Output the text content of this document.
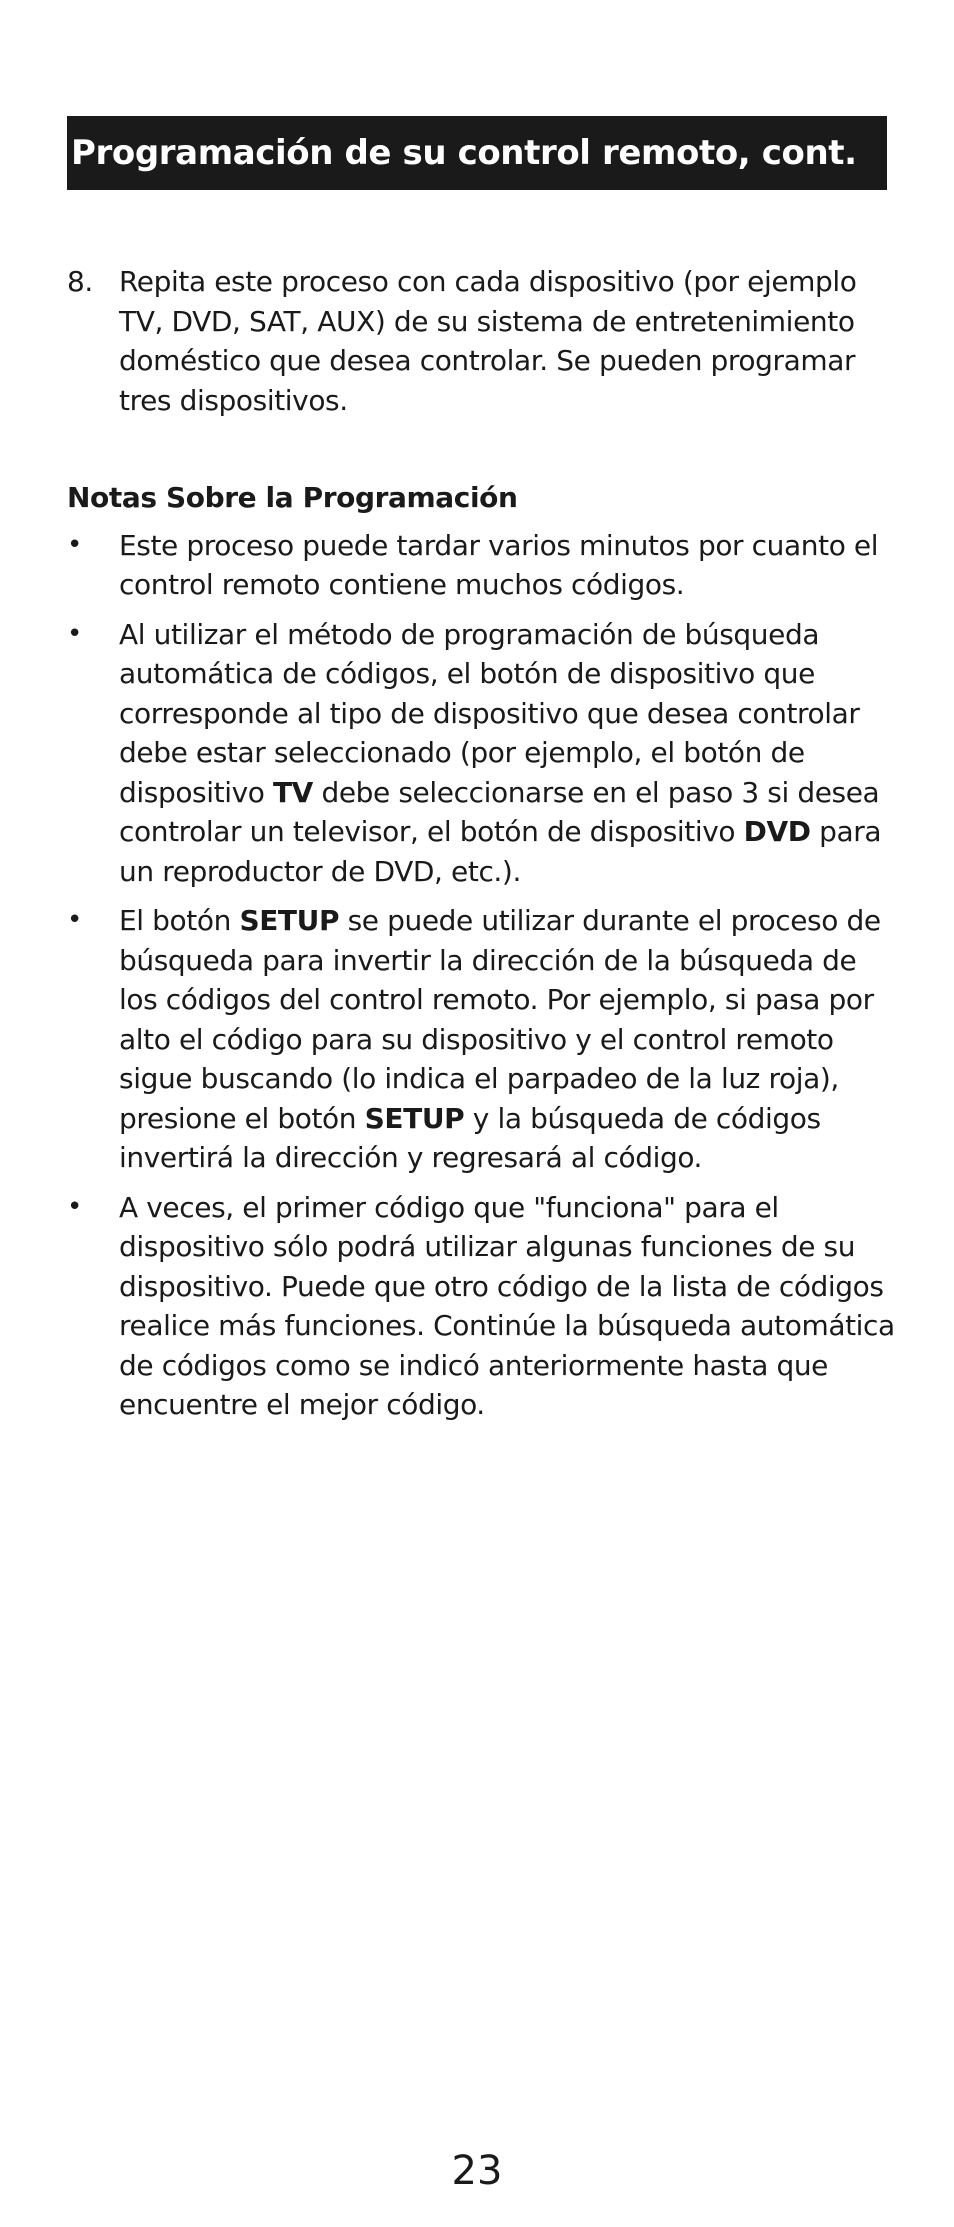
Programación de su control remoto, cont.
8. Repita este proceso con cada dispositivo (por ejemplo TV, DVD, SAT, AUX) de su sistema de entretenimiento doméstico que desea controlar. Se pueden programar tres dispositivos.

Notas Sobre la Programación

•	Este proceso puede tardar varios minutos por cuanto el control remoto contiene muchos códigos.
•	Al utilizar el método de programación de búsqueda automática de códigos, el botón de dispositivo que corresponde al tipo de dispositivo que desea controlar debe estar seleccionado (por ejemplo, el botón de dispositivo TV debe seleccionarse en el paso 3 si desea controlar un televisor, el botón de dispositivo DVD para un reproductor de DVD, etc.).
•	El botón SETUP se puede utilizar durante el proceso de búsqueda para invertir la dirección de la búsqueda de los códigos del control remoto. Por ejemplo, si pasa por alto el código para su dispositivo y el control remoto sigue buscando (lo indica el parpadeo de la luz roja), presione el botón SETUP y la búsqueda de códigos invertirá la dirección y regresará al código.
•	A veces, el primer código que "funciona" para el dispositivo sólo podrá utilizar algunas funciones de su dispositivo. Puede que otro código de la lista de códigos realice más funciones. Continúe la búsqueda automática de códigos como se indicó anteriormente hasta que encuentre el mejor código.
23
